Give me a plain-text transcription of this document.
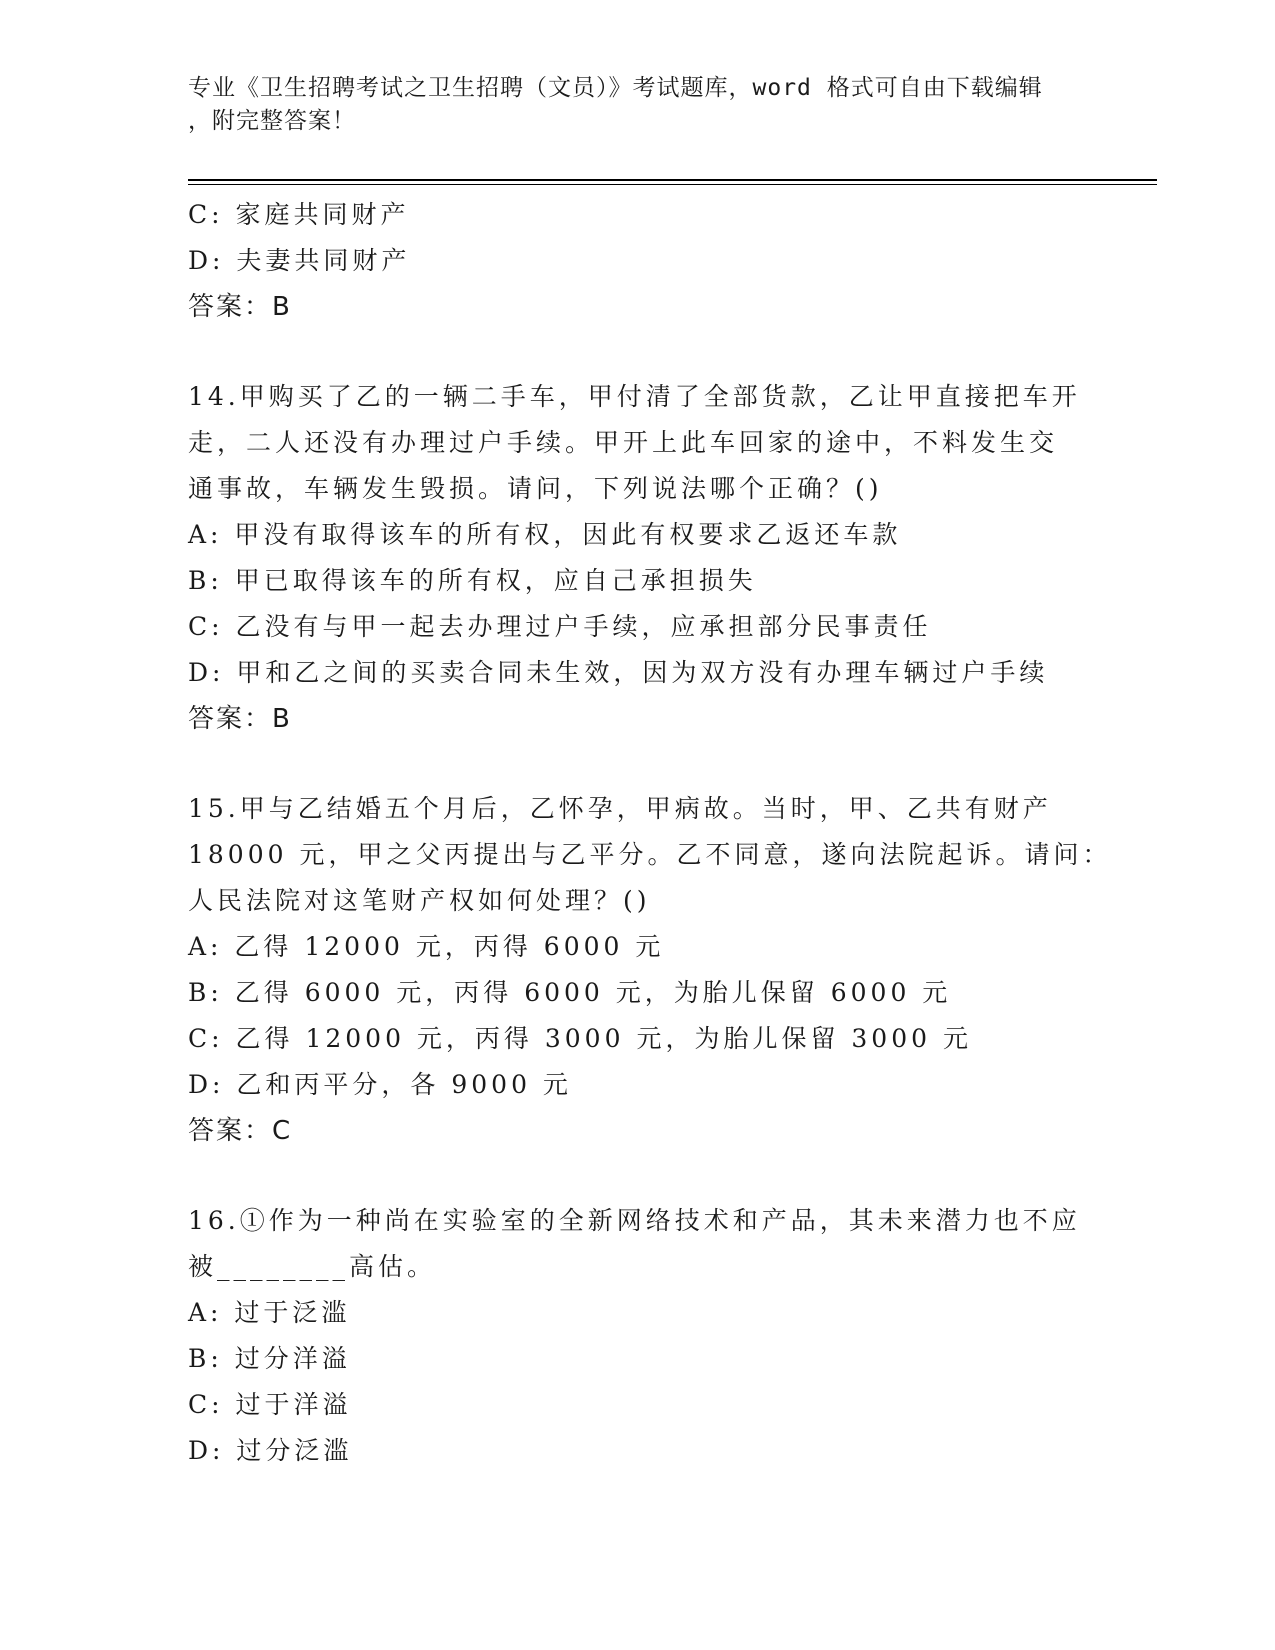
专业《卫生招聘考试之卫生招聘（文员）》考试题库，word 格式可自由下载编辑
，附完整答案！
C: 家庭共同财产
D: 夫妻共同财产
答案：B
14.甲购买了乙的一辆二手车，甲付清了全部货款，乙让甲直接把车开
走，二人还没有办理过户手续。甲开上此车回家的途中，不料发生交
通事故，车辆发生毁损。请问，下列说法哪个正确？()
A: 甲没有取得该车的所有权，因此有权要求乙返还车款
B: 甲已取得该车的所有权，应自己承担损失
C: 乙没有与甲一起去办理过户手续，应承担部分民事责任
D: 甲和乙之间的买卖合同未生效，因为双方没有办理车辆过户手续
答案：B
15.甲与乙结婚五个月后，乙怀孕，甲病故。当时，甲、乙共有财产
18000 元，甲之父丙提出与乙平分。乙不同意，遂向法院起诉。请问：
人民法院对这笔财产权如何处理？()
A: 乙得 12000 元，丙得 6000 元
B: 乙得 6000 元，丙得 6000 元，为胎儿保留 6000 元
C: 乙得 12000 元，丙得 3000 元，为胎儿保留 3000 元
D: 乙和丙平分，各 9000 元
答案：C
16.①作为一种尚在实验室的全新网络技术和产品，其未来潜力也不应
被________高估。
A: 过于泛滥
B: 过分洋溢
C: 过于洋溢
D: 过分泛滥
